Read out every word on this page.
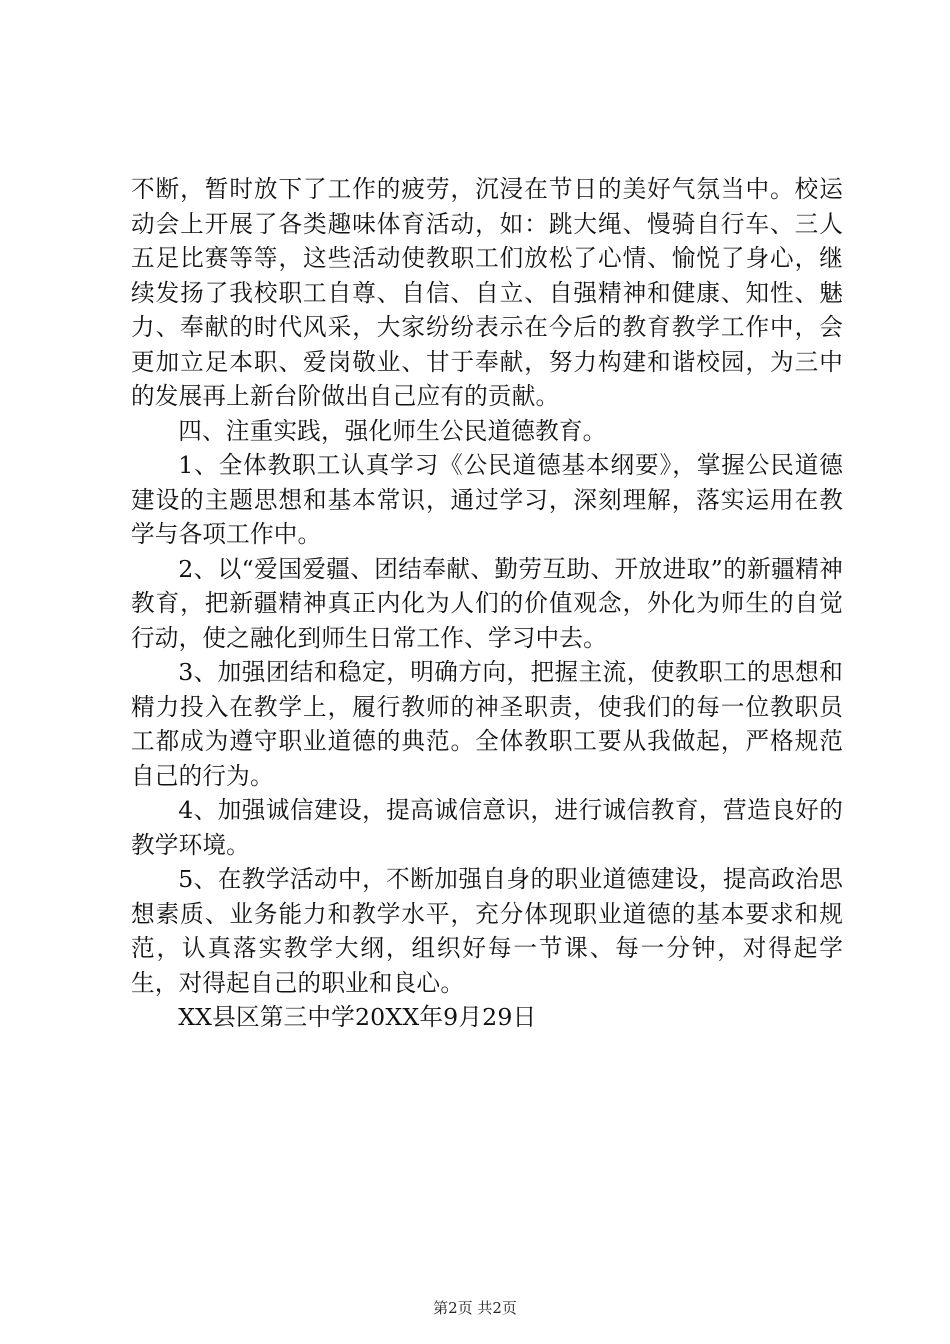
不断，暂时放下了工作的疲劳，沉浸在节日的美好气氛当中。校运动会上开展了各类趣味体育活动，如：跳大绳、慢骑自行车、三人五足比赛等等，这些活动使教职工们放松了心情、愉悦了身心，继续发扬了我校职工自尊、自信、自立、自强精神和健康、知性、魅力、奉献的时代风采，大家纷纷表示在今后的教育教学工作中，会更加立足本职、爱岗敬业、甘于奉献，努力构建和谐校园，为三中的发展再上新台阶做出自己应有的贡献。

四、注重实践，强化师生公民道德教育。

1、全体教职工认真学习《公民道德基本纲要》，掌握公民道德建设的主题思想和基本常识，通过学习，深刻理解，落实运用在教学与各项工作中。

2、以“爱国爱疆、团结奉献、勤劳互助、开放进取”的新疆精神教育，把新疆精神真正内化为人们的价值观念，外化为师生的自觉行动，使之融化到师生日常工作、学习中去。

3、加强团结和稳定，明确方向，把握主流，使教职工的思想和精力投入在教学上，履行教师的神圣职责，使我们的每一位教职员工都成为遵守职业道德的典范。全体教职工要从我做起，严格规范自己的行为。

4、加强诚信建设，提高诚信意识，进行诚信教育，营造良好的教学环境。

5、在教学活动中，不断加强自身的职业道德建设，提高政治思想素质、业务能力和教学水平，充分体现职业道德的基本要求和规范，认真落实教学大纲，组织好每一节课、每一分钟，对得起学生，对得起自己的职业和良心。

XX县区第三中学20XX年9月29日

第2页 共2页
